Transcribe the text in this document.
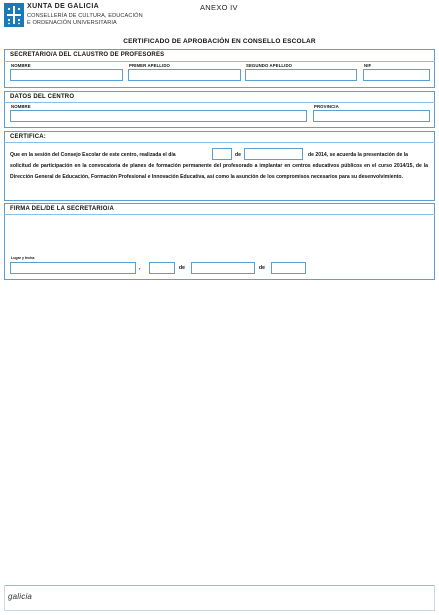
XUNTA DE GALICIA
CONSELLERÍA DE CULTURA, EDUCACIÓN
E ORDENACIÓN UNIVERSITARIA
ANEXO IV
CERTIFICADO DE APROBACIÓN EN CONSELLO ESCOLAR
SECRETARIO/A DEL CLAUSTRO DE PROFESORES
NOMBRE	PRIMER APELLIDO	SEGUNDO APELLIDO	NIF
DATOS DEL CENTRO
NOMBRE	PROVINCIA
CERTIFICA:
Que en la sesión del Consejo Escolar de este centro, realizada el día	de	de 2014, se acuerda la presentación de la
solicitud de participación en la convocatoria de planes de formación permanente del profesorado a implantar en centros educativos públicos en el curso 2014/15, de la Dirección General de Educación, Formación Profesional e Innovación Educativa, así como la asunción de los compromisos necesarios para su desenvolvimiento.
FIRMA DEL/DE LA SECRETARIO/A
Lugar y fecha
,	de	de
galicia
